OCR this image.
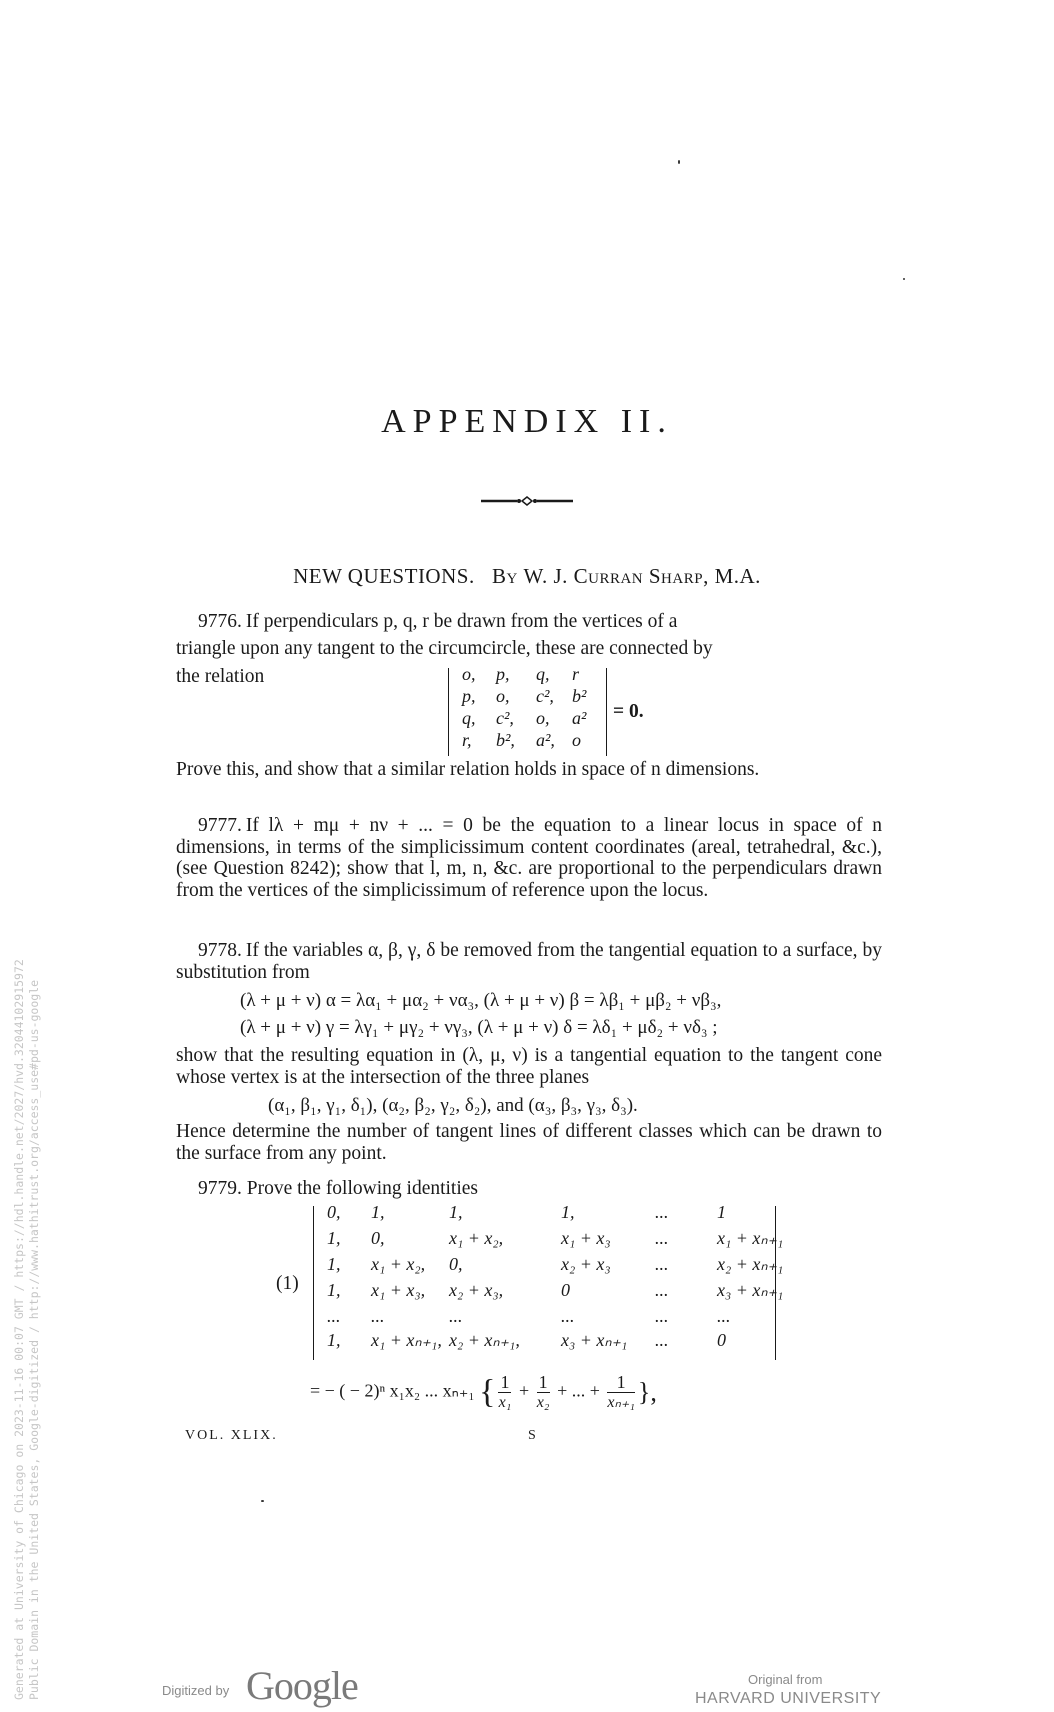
APPENDIX II.
NEW QUESTIONS. By W. J. Curran Sharp, M.A.
9776. If perpendiculars p, q, r be drawn from the vertices of a
triangle upon any tangent to the circumcircle, these are connected by
the relation	o, p, q, r
p, o, c², b²
q, c², o, a²
r, b², a², o
= 0.
Prove this, and show that a similar relation holds in space of n dimensions.
9777. If lλ + mμ + nν + ... = 0 be the equation to a linear locus in space of n dimensions, in terms of the simplicissimum content coordinates (areal, tetrahedral, &c.), (see Question 8242); show that l, m, n, &c. are proportional to the perpendiculars drawn from the vertices of the simplicissimum of reference upon the locus.
9778. If the variables α, β, γ, δ be removed from the tangential equation to a surface, by substitution from
(λ + μ + ν) α = λα₁ + μα₂ + να₃, (λ + μ + ν) β = λβ₁ + μβ₂ + νβ₃,
(λ + μ + ν) γ = λγ₁ + μγ₂ + νγ₃, (λ + μ + ν) δ = λδ₁ + μδ₂ + νδ₃ ;
show that the resulting equation in (λ, μ, ν) is a tangential equation to the tangent cone whose vertex is at the intersection of the three planes
(α₁, β₁, γ₁, δ₁), (α₂, β₂, γ₂, δ₂), and (α₃, β₃, γ₃, δ₃).
Hence determine the number of tangent lines of different classes which can be drawn to the surface from any point.
9779. Prove the following identities
(1)
0, 1,	1,	1,	...	1
1, 0,	x₁ + x₂,	x₁ + x₃ ...	x₁ + xₙ₊₁
1, x₁ + x₂, 0,	x₂ + x₃ ...	x₂ + xₙ₊₁
1, x₁ + x₃, x₂ + x₃,	0	...	x₃ + xₙ₊₁
... ...	...	...	...	...
1, x₁ + xₙ₊₁, x₂ + xₙ₊₁, x₃ + xₙ₊₁ ...	0
= − ( − 2)ⁿ x₁x₂ ... xₙ₊₁ { $\frac{1}{\text{x₁}} + \frac{1}{\text{x₂}}$ + ... + $\frac{1}{\text{xₙ₊₁}}$ },
VOL. XLIX.	S
Generated at University of Chicago on 2023-11-16 00:07 GMT / https://hdl.handle.net/2027/hvd.32044102915972 Public Domain in the United States, Google-digitized / http://www.hathitrust.org/access_use#pd-us-google	Digitized by Google	Original from
HARVARD UNIVERSITY
